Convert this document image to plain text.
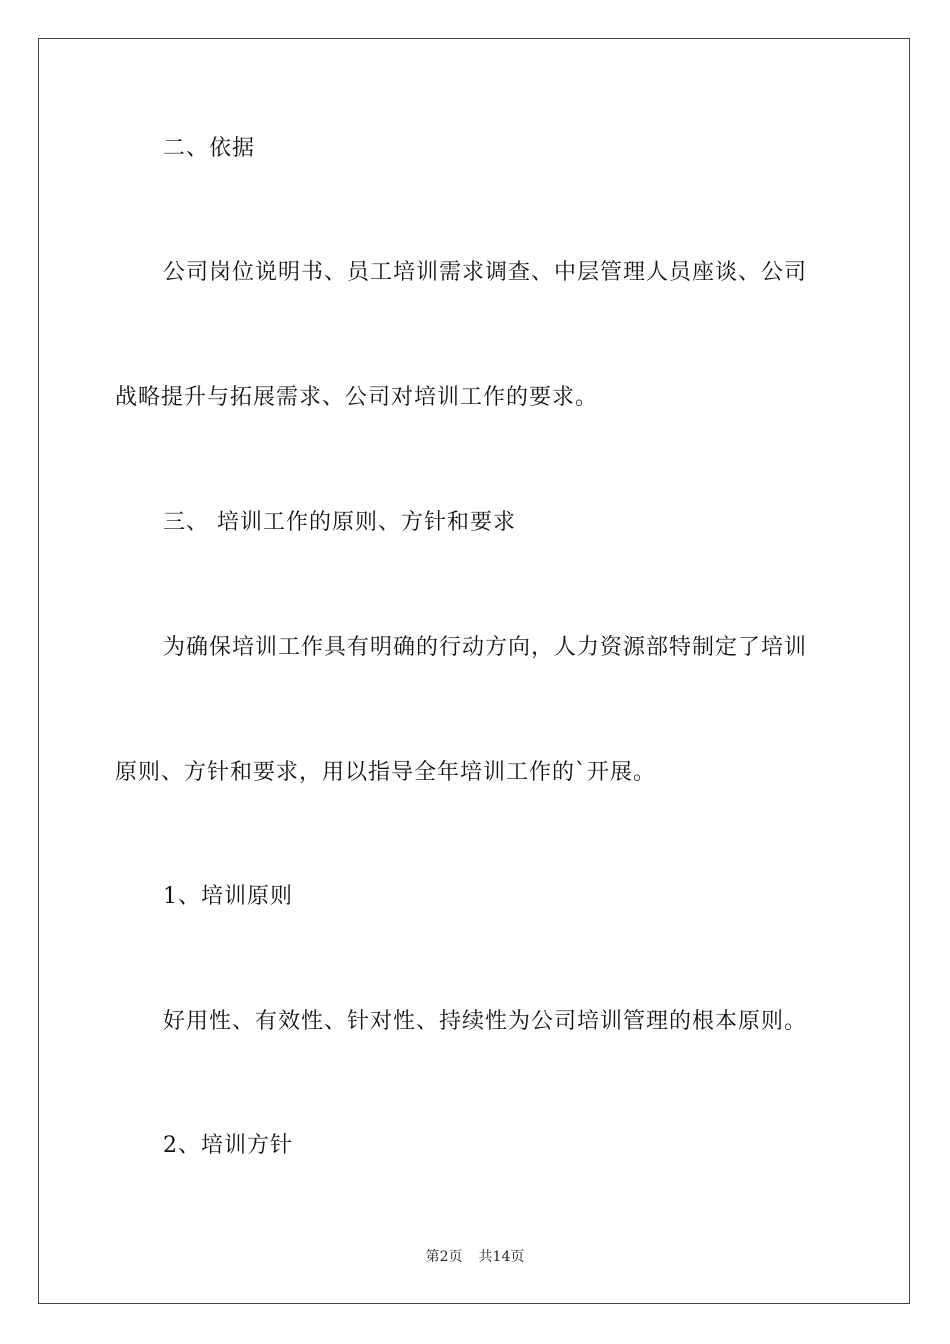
二、依据
公司岗位说明书、员工培训需求调查、中层管理人员座谈、公司
战略提升与拓展需求、公司对培训工作的要求。
三、 培训工作的原则、方针和要求
为确保培训工作具有明确的行动方向，人力资源部特制定了培训
原则、方针和要求，用以指导全年培训工作的`开展。
1、培训原则
好用性、有效性、针对性、持续性为公司培训管理的根本原则。
2、培训方针
第2页 共14页
